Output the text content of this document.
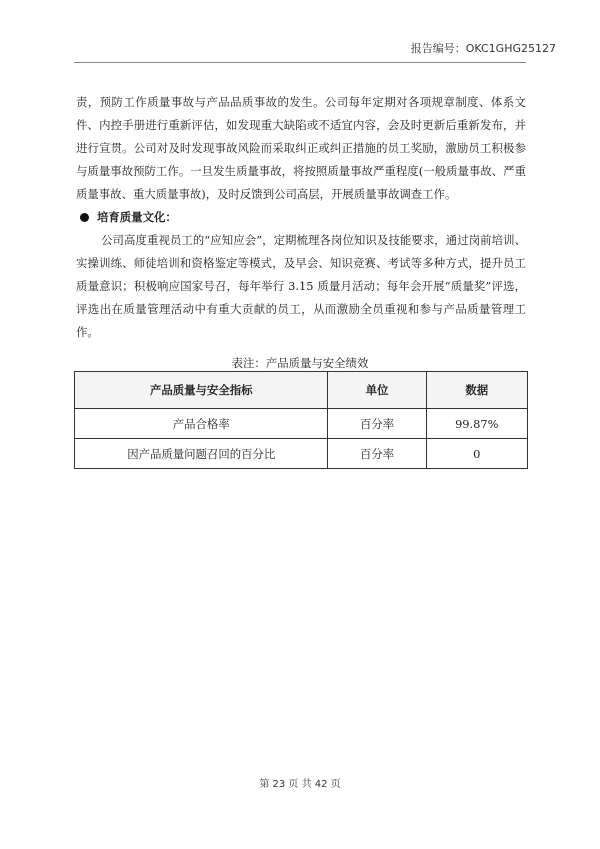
报告编号：OKC1GHG25127

责，预防工作质量事故与产品品质事故的发生。公司每年定期对各项规章制度、体系文件、内控手册进行重新评估，如发现重大缺陷或不适宜内容，会及时更新后重新发布，并进行宣贯。公司对及时发现事故风险而采取纠正或纠正措施的员工奖励，激励员工积极参与质量事故预防工作。一旦发生质量事故，将按照质量事故严重程度(一般质量事故、严重质量事故、重大质量事故)，及时反馈到公司高层，开展质量事故调查工作。

培育质量文化：

公司高度重视员工的“应知应会”，定期梳理各岗位知识及技能要求，通过岗前培训、实操训练、师徒培训和资格鉴定等模式，及早会、知识竞赛、考试等多种方式，提升员工质量意识；积极响应国家号召，每年举行 3.15 质量月活动；每年会开展“质量奖”评选，评选出在质量管理活动中有重大贡献的员工，从而激励全员重视和参与产品质量管理工作。

表注：产品质量与安全绩效
产品质量与安全指标	单位	数据
产品合格率	百分率	99.87%
因产品质量问题召回的百分比	百分率	0
第 23 页 共 42 页
